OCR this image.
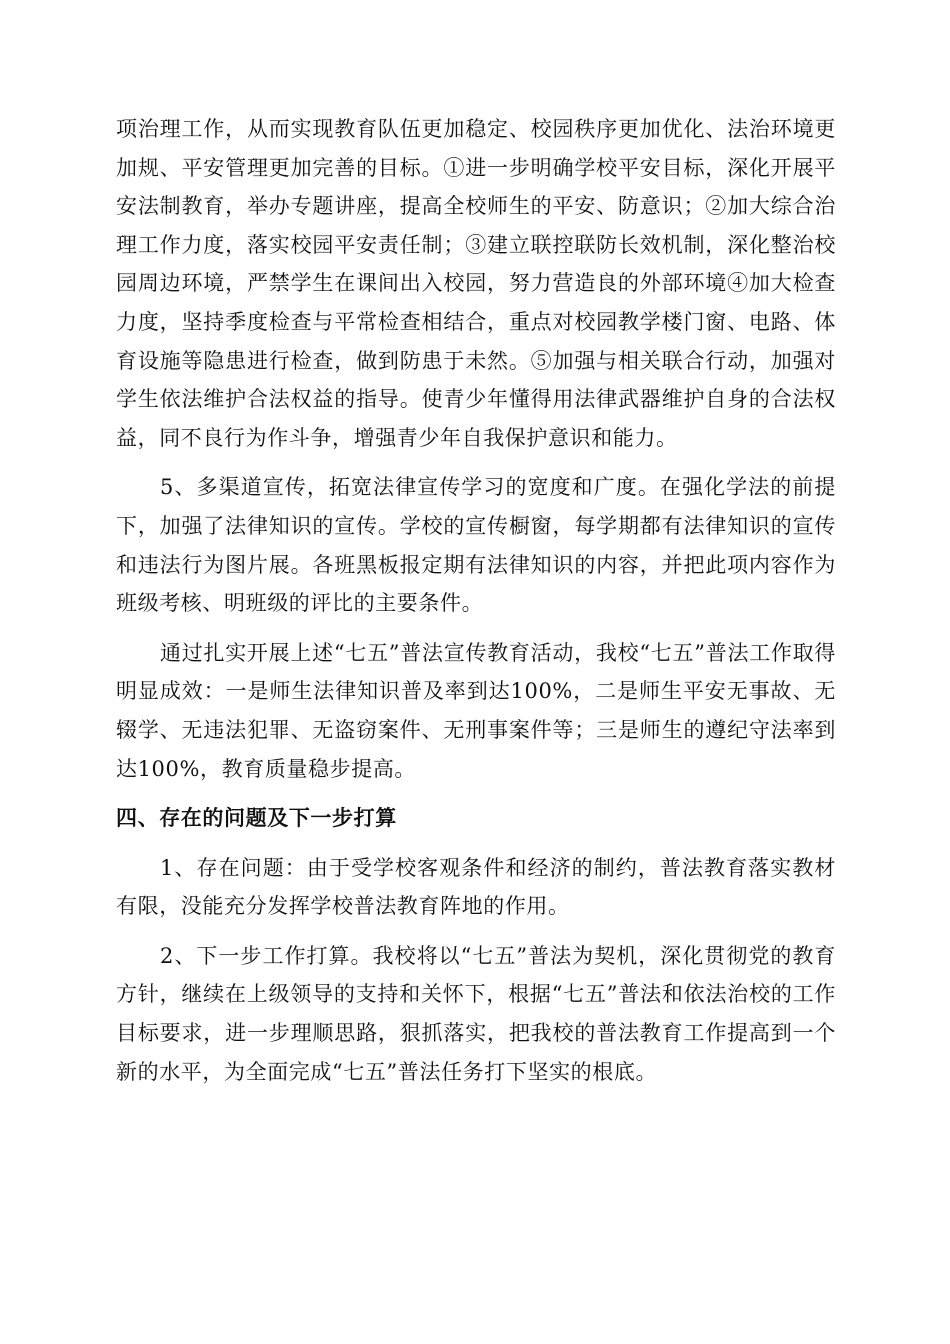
项治理工作，从而实现教育队伍更加稳定、校园秩序更加优化、法治环境更加规、平安管理更加完善的目标。①进一步明确学校平安目标，深化开展平安法制教育，举办专题讲座，提高全校师生的平安、防意识；②加大综合治理工作力度，落实校园平安责任制；③建立联控联防长效机制，深化整治校园周边环境，严禁学生在课间出入校园，努力营造良的外部环境④加大检查力度，坚持季度检查与平常检查相结合，重点对校园教学楼门窗、电路、体育设施等隐患进行检查，做到防患于未然。⑤加强与相关联合行动，加强对学生依法维护合法权益的指导。使青少年懂得用法律武器维护自身的合法权益，同不良行为作斗争，增强青少年自我保护意识和能力。

5、多渠道宣传，拓宽法律宣传学习的宽度和广度。在强化学法的前提下，加强了法律知识的宣传。学校的宣传橱窗，每学期都有法律知识的宣传和违法行为图片展。各班黑板报定期有法律知识的内容，并把此项内容作为班级考核、明班级的评比的主要条件。

通过扎实开展上述“七五”普法宣传教育活动，我校“七五”普法工作取得明显成效：一是师生法律知识普及率到达100%，二是师生平安无事故、无辍学、无违法犯罪、无盗窃案件、无刑事案件等；三是师生的遵纪守法率到达100%，教育质量稳步提高。

四、存在的问题及下一步打算

1、存在问题：由于受学校客观条件和经济的制约，普法教育落实教材有限，没能充分发挥学校普法教育阵地的作用。

2、下一步工作打算。我校将以“七五”普法为契机，深化贯彻党的教育方针，继续在上级领导的支持和关怀下，根据“七五”普法和依法治校的工作目标要求，进一步理顺思路，狠抓落实，把我校的普法教育工作提高到一个新的水平，为全面完成“七五”普法任务打下坚实的根底。
